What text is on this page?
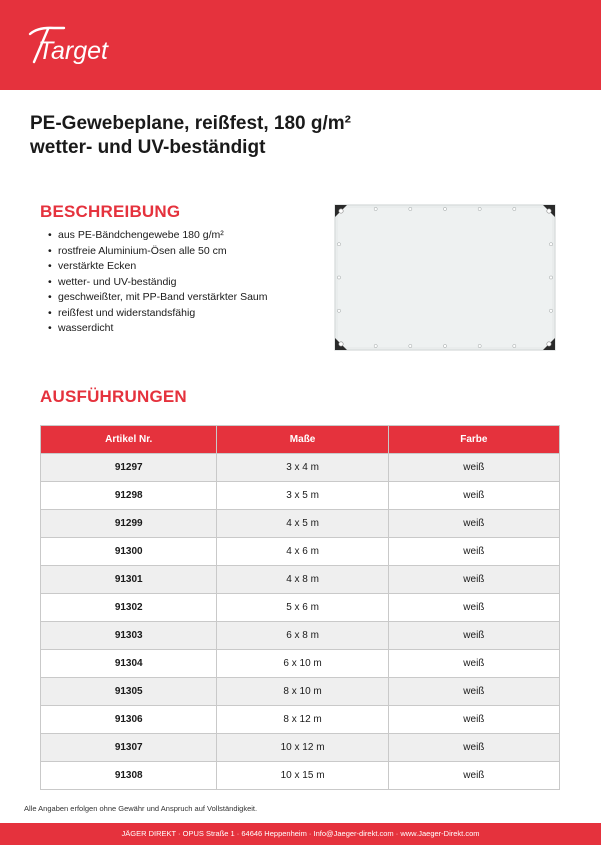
Target
PE-Gewebeplane, reißfest, 180 g/m²
wetter- und UV-beständigt
BESCHREIBUNG
• aus PE-Bändchengewebe 180 g/m²
• rostfreie Aluminium-Ösen alle 50 cm
• verstärkte Ecken
• wetter- und UV-beständig
• geschweißter, mit PP-Band verstärkter Saum
• reißfest und widerstandsfähig
• wasserdicht
AUSFÜHRUNGEN
Artikel Nr.	Maße	Farbe
91297	3 x 4 m	weiß
91298	3 x 5 m	weiß
91299	4 x 5 m	weiß
91300	4 x 6 m	weiß
91301	4 x 8 m	weiß
91302	5 x 6 m	weiß
91303	6 x 8 m	weiß
91304	6 x 10 m	weiß
91305	8 x 10 m	weiß
91306	8 x 12 m	weiß
91307	10 x 12 m	weiß
91308	10 x 15 m	weiß
Alle Angaben erfolgen ohne Gewähr und Anspruch auf Vollständigkeit.
JÄGER DIREKT · OPUS Straße 1 · 64646 Heppenheim · Info@Jaeger-direkt.com · www.Jaeger-Direkt.com
